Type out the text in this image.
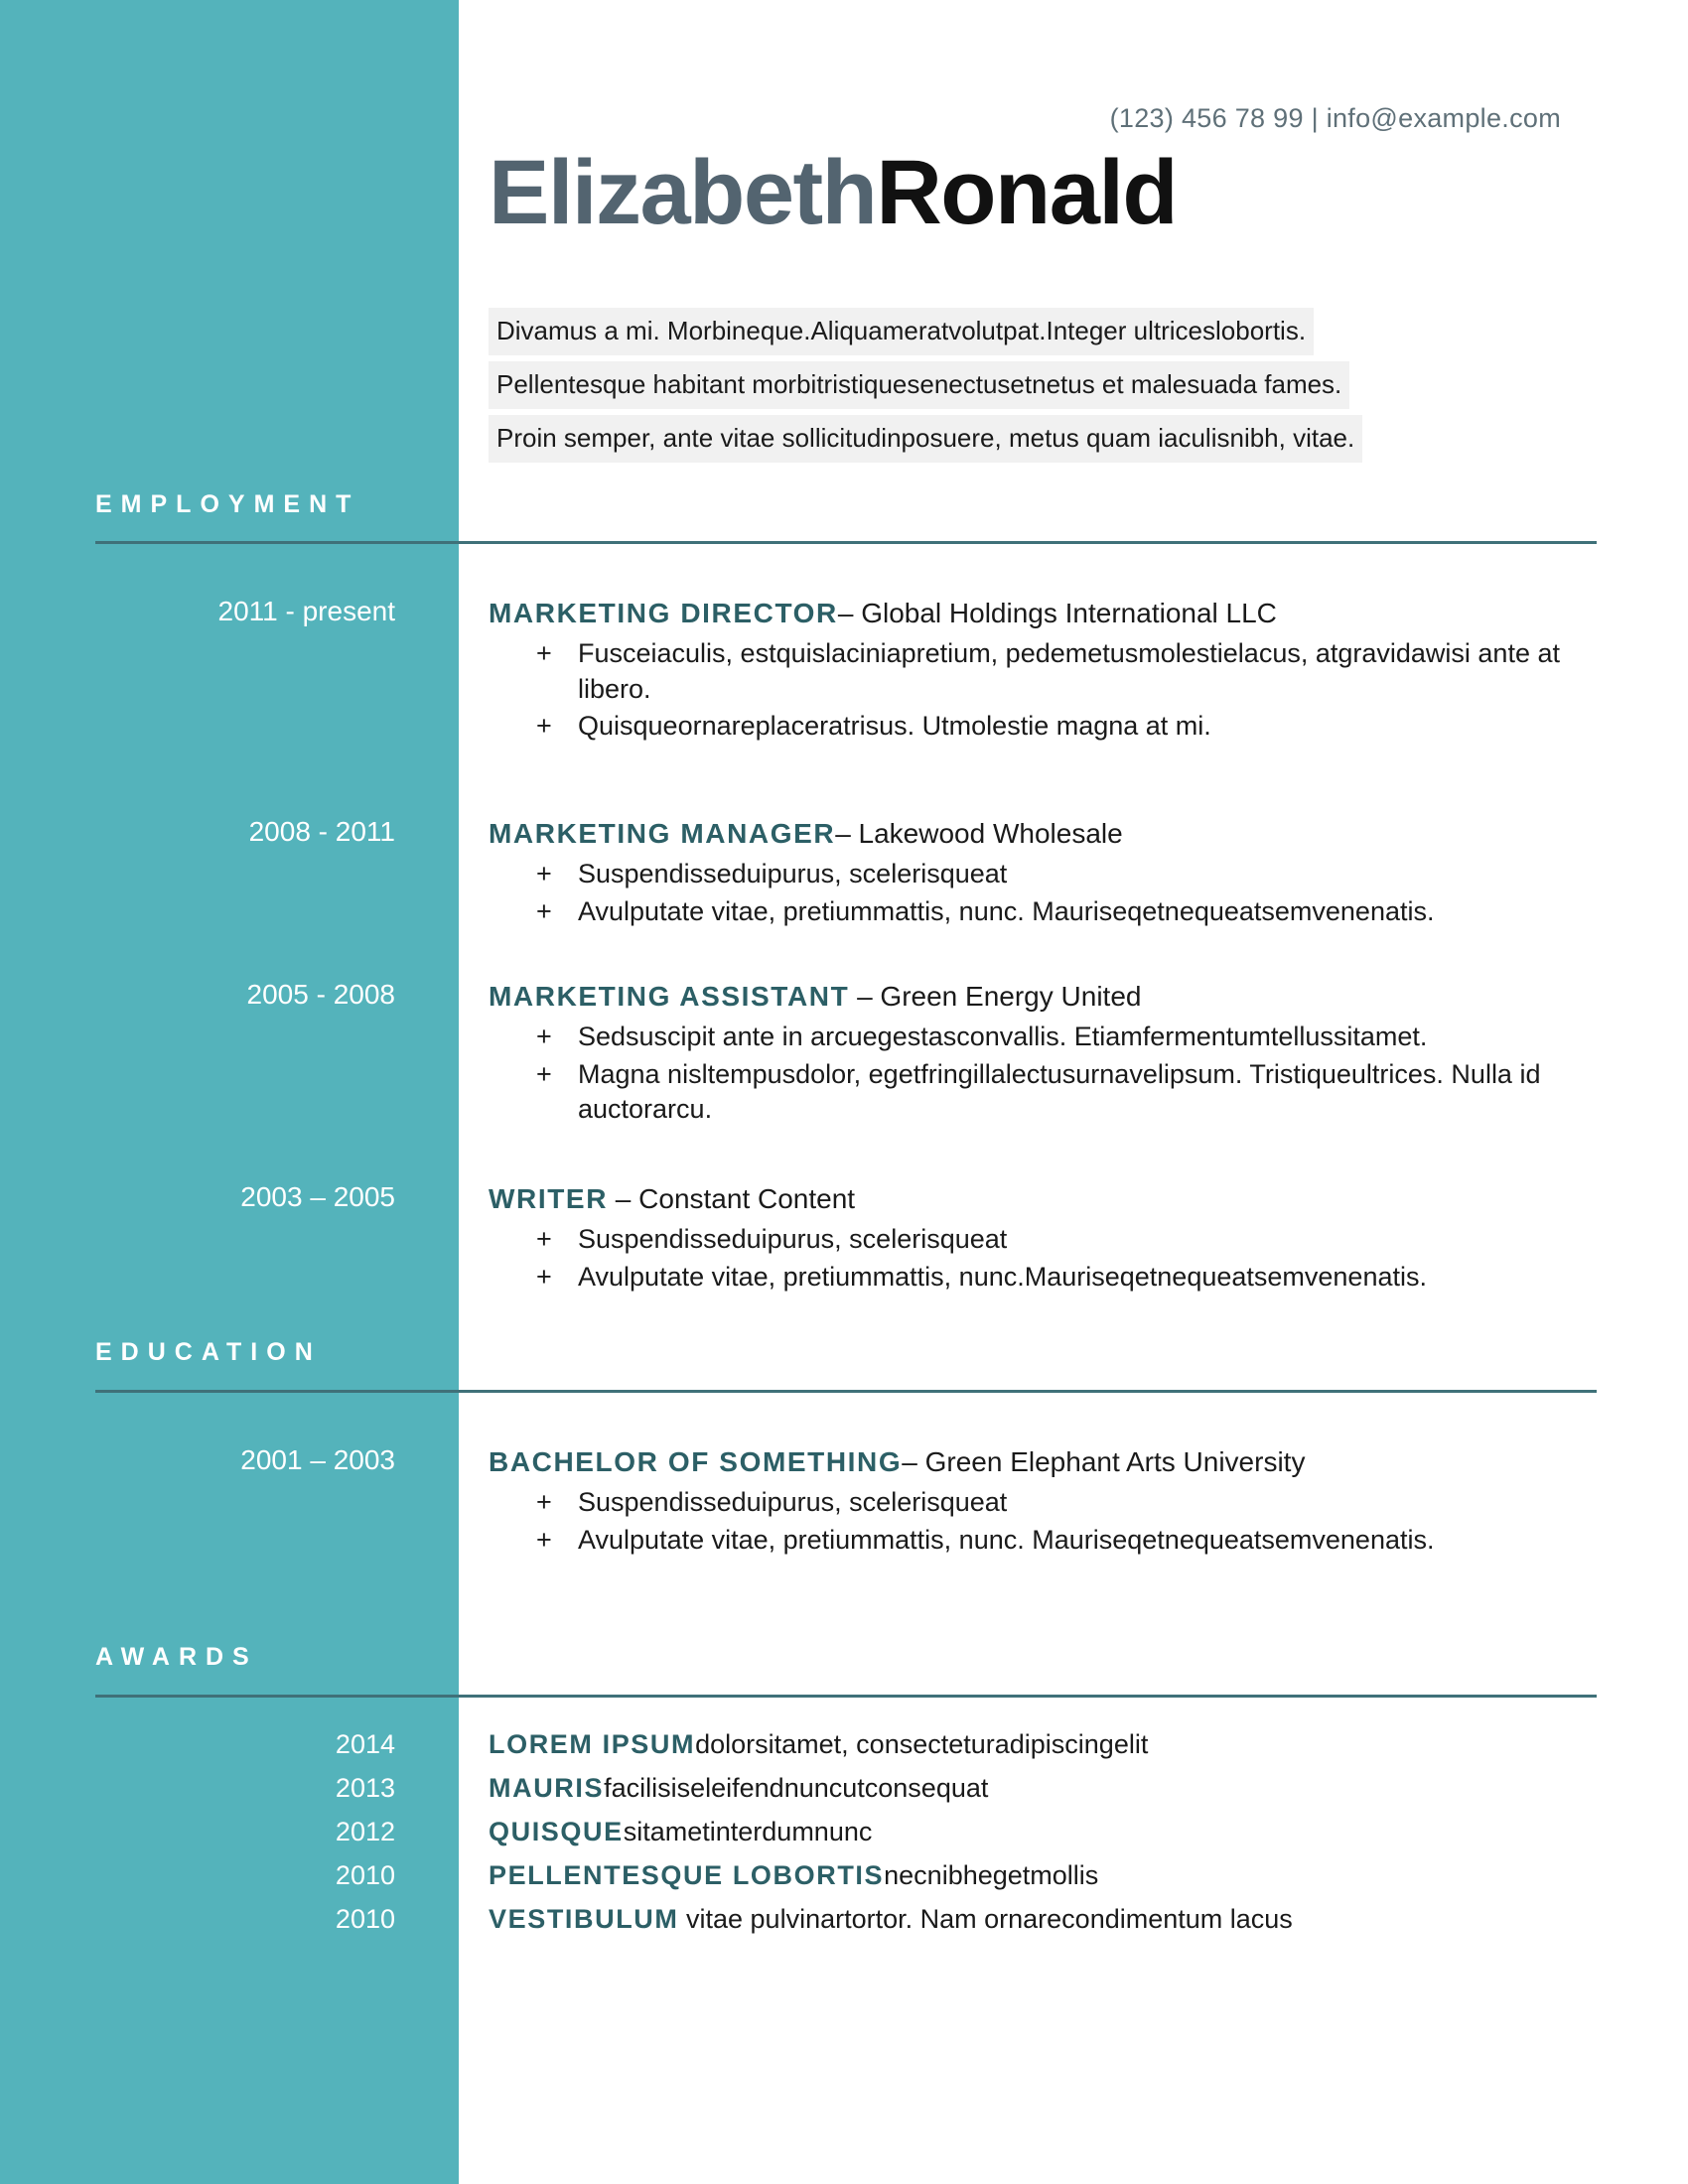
(123) 456 78 99 | info@example.com
ElizabethRonald
Divamus a mi. Morbineque.Aliquameratvolutpat.Integer ultriceslobortis.
Pellentesque habitant morbitristiquesenectusetnetus et malesuada fames.
Proin semper, ante vitae sollicitudinposuere, metus quam iaculisnibh, vitae.
EMPLOYMENT
2011 - present	MARKETING DIRECTOR– Global Holdings International LLC
+ Fusceiaculis, estquislaciniapretium, pedemetusmolestielacus, atgravidawisi ante at libero.
+ Quisqueornareplaceratrisus. Utmolestie magna at mi.
2008 - 2011	MARKETING MANAGER– Lakewood Wholesale
+ Suspendisseduipurus, scelerisqueat
+ Avulputate vitae, pretiummattis, nunc. Mauriseqetnequeatsemvenenatis.
2005 - 2008	MARKETING ASSISTANT – Green Energy United
+ Sedsuscipit ante in arcuegestasconvallis. Etiamfermentumtellussitamet.
+ Magna nisltempusdolor, egetfringillalectusurnavelipsum. Tristiqueultrices. Nulla id auctorarcu.
2003 – 2005	WRITER – Constant Content
+ Suspendisseduipurus, scelerisqueat
+ Avulputate vitae, pretiummattis, nunc.Mauriseqetnequeatsemvenenatis.
EDUCATION
2001 – 2003	BACHELOR OF SOMETHING– Green Elephant Arts University
+ Suspendisseduipurus, scelerisqueat
+ Avulputate vitae, pretiummattis, nunc. Mauriseqetnequeatsemvenenatis.
AWARDS
2014	LOREM IPSUMdolorsitamet, consecteturadipiscingelit
2013	MAURISfacilisiseleifendnuncutconsequat
2012	QUISQUEsitametinterdumnunc
2010	PELLENTESQUE LOBORTISnecnibhegetmollis
2010	VESTIBULUM vitae pulvinartortor. Nam ornarecondimentum lacus
